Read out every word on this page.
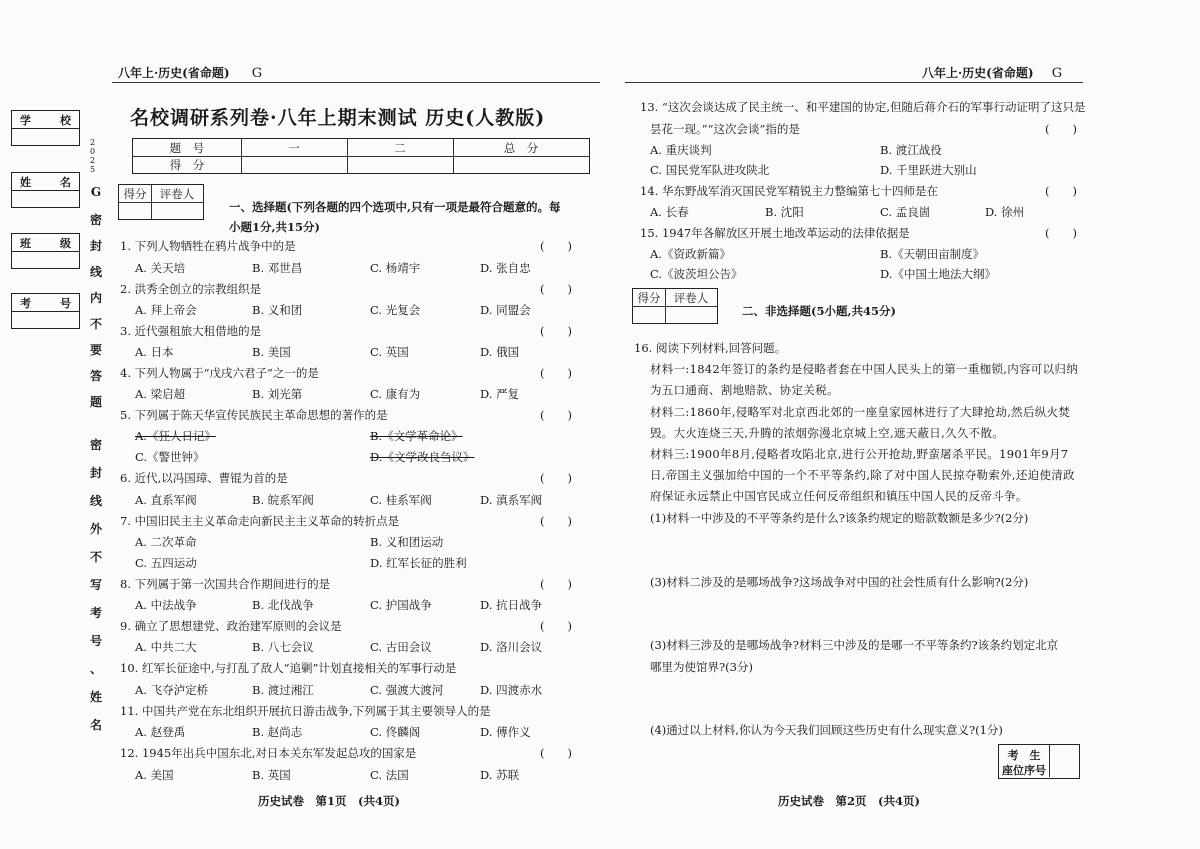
八年上·历史(省命题) G	八年上·历史(省命题) G
学	校
姓	名
班	级
考	号
2
0
2
5
G
密
封
线
内
不
要
答
题
密
封
线
外
不
写
考
号
、
姓
名
名校调研系列卷·八年上期末测试 历史(人教版)
题　号	一	二	总　分
得　分
得分	评卷人
一、选择题(下列各题的四个选项中,只有一项是最符合题意的。每
小题1分,共15分)
1. 下列人物牺牲在鸦片战争中的是	(　　)
A. 关天培	B. 邓世昌	C. 杨靖宇	D. 张自忠
2. 洪秀全创立的宗教组织是	(　　)
A. 拜上帝会	B. 义和团	C. 光复会	D. 同盟会
3. 近代强租旅大租借地的是	(　　)
A. 日本	B. 美国	C. 英国	D. 俄国
4. 下列人物属于“戊戌六君子”之一的是	(　　)
A. 梁启超	B. 刘光第	C. 康有为	D. 严复
5. 下列属于陈天华宣传民族民主革命思想的著作的是	(　　)
A.《狂人日记》	B.《文学革命论》
C.《警世钟》	D.《文学改良刍议》
6. 近代,以冯国璋、曹锟为首的是	(　　)
A. 直系军阀	B. 皖系军阀	C. 桂系军阀	D. 滇系军阀
7. 中国旧民主主义革命走向新民主主义革命的转折点是	(　　)
A. 二次革命	B. 义和团运动
C. 五四运动	D. 红军长征的胜利
8. 下列属于第一次国共合作期间进行的是	(　　)
A. 中法战争	B. 北伐战争	C. 护国战争	D. 抗日战争
9. 确立了思想建党、政治建军原则的会议是	(　　)
A. 中共二大	B. 八七会议	C. 古田会议	D. 洛川会议
10. 红军长征途中,与打乱了敌人“追剿”计划直接相关的军事行动是
A. 飞夺泸定桥	B. 渡过湘江	C. 强渡大渡河	D. 四渡赤水
11. 中国共产党在东北组织开展抗日游击战争,下列属于其主要领导人的是
A. 赵登禹	B. 赵尚志	C. 佟麟阁	D. 傅作义
12. 1945年出兵中国东北,对日本关东军发起总攻的国家是	(　　)
A. 美国	B. 英国	C. 法国	D. 苏联
历史试卷　第1页　(共4页)
13. “这次会谈达成了民主统一、和平建国的协定,但随后蒋介石的军事行动证明了这只是
昙花一现。”“这次会谈”指的是	(　　)
A. 重庆谈判	B. 渡江战役
C. 国民党军队进攻陕北	D. 千里跃进大别山
14. 华东野战军消灭国民党军精锐主力整编第七十四师是在	(　　)
A. 长春	B. 沈阳	C. 孟良崮	D. 徐州
15. 1947年各解放区开展土地改革运动的法律依据是	(　　)
A.《资政新篇》	B.《天朝田亩制度》
C.《波茨坦公告》	D.《中国土地法大纲》
得分	评卷人
二、非选择题(5小题,共45分)
16. 阅读下列材料,回答问题。
材料一:1842年签订的条约是侵略者套在中国人民头上的第一重枷锁,内容可以归纳
为五口通商、割地赔款、协定关税。
材料二:1860年,侵略军对北京西北郊的一座皇家园林进行了大肆抢劫,然后纵火焚
毁。大火连烧三天,升腾的浓烟弥漫北京城上空,遮天蔽日,久久不散。
材料三:1900年8月,侵略者攻陷北京,进行公开抢劫,野蛮屠杀平民。1901年9月7
日,帝国主义强加给中国的一个不平等条约,除了对中国人民掠夺勒索外,还迫使清政
府保证永远禁止中国官民成立任何反帝组织和镇压中国人民的反帝斗争。
(1)材料一中涉及的不平等条约是什么?该条约规定的赔款数额是多少?(2分)
(3)材料二涉及的是哪场战争?这场战争对中国的社会性质有什么影响?(2分)
(3)材料三涉及的是哪场战争?材料三中涉及的是哪一不平等条约?该条约划定北京
哪里为使馆界?(3分)
(4)通过以上材料,你认为今天我们回顾这些历史有什么现实意义?(1分)
考　生
座位序号
历史试卷　第2页　(共4页)
